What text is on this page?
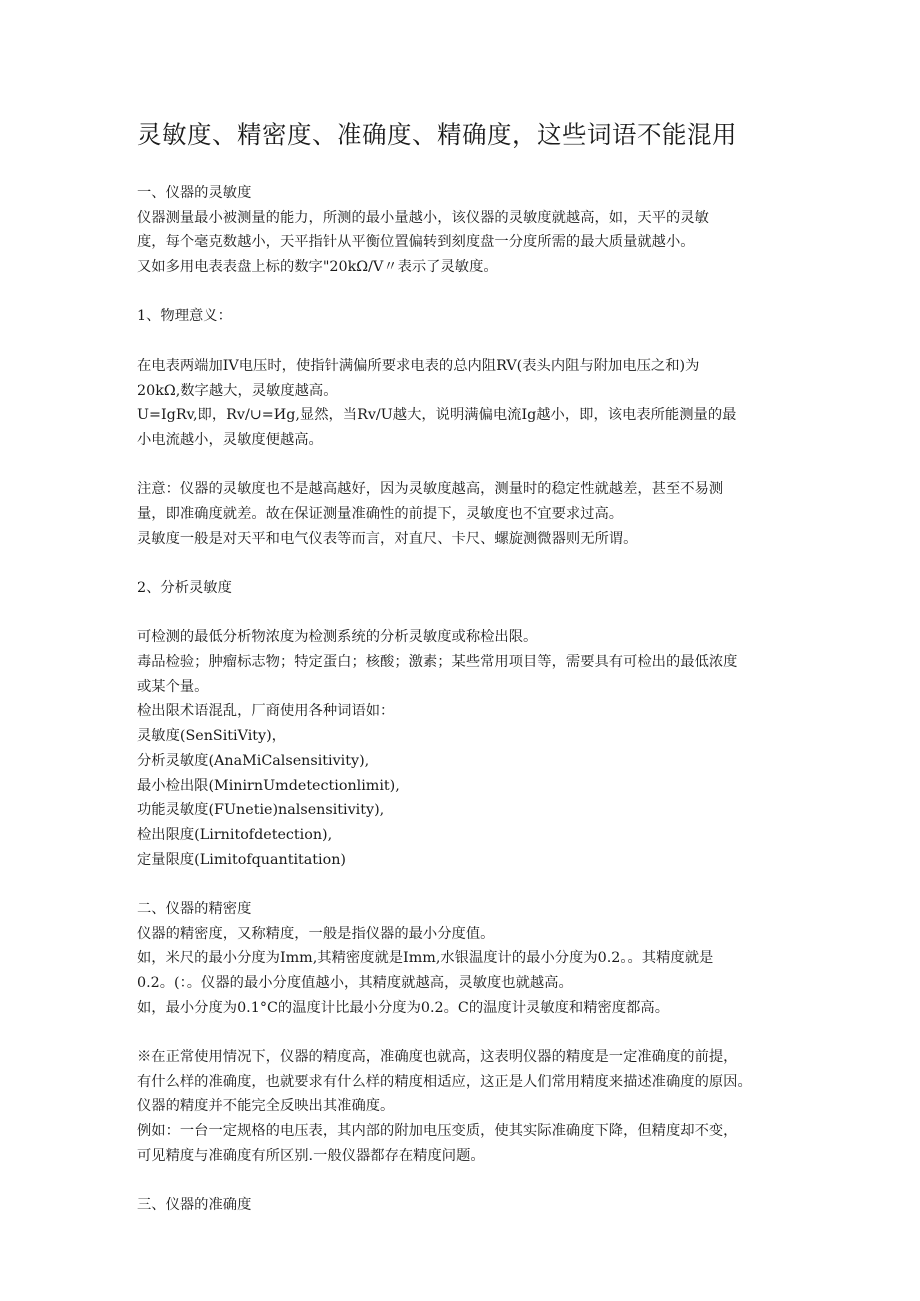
灵敏度、精密度、准确度、精确度，这些词语不能混用
一、仪器的灵敏度
仪器测量最小被测量的能力，所测的最小量越小，该仪器的灵敏度就越高，如，天平的灵敏
度，每个毫克数越小，天平指针从平衡位置偏转到刻度盘一分度所需的最大质量就越小。
又如多用电表表盘上标的数字"20kΩ/V〃表示了灵敏度。
1、物理意义：
在电表两端加IV电压时，使指针满偏所要求电表的总内阻RV(表头内阻与附加电压之和)为
20kΩ,数字越大，灵敏度越高。
U=IgRv,即，Rv/∪=Иg,显然，当Rv/U越大，说明满偏电流Ig越小，即，该电表所能测量的最
小电流越小，灵敏度便越高。
注意：仪器的灵敏度也不是越高越好，因为灵敏度越高，测量时的稳定性就越差，甚至不易测
量，即准确度就差。故在保证测量准确性的前提下，灵敏度也不宜要求过高。
灵敏度一般是对天平和电气仪表等而言，对直尺、卡尺、螺旋测微器则无所谓。
2、分析灵敏度
可检测的最低分析物浓度为检测系统的分析灵敏度或称检出限。
毒品检验；肿瘤标志物；特定蛋白；核酸；激素；某些常用项目等，需要具有可检出的最低浓度
或某个量。
检出限术语混乱，厂商使用各种词语如：
灵敏度(SenSitiVity)，
分析灵敏度(AnaMiCalsensitivity),
最小检出限(MinirnUmdetectionlimit),
功能灵敏度(FUnetie)nalsensitivity),
检出限度(Lirnitofdetection),
定量限度(Limitofquantitation)
二、仪器的精密度
仪器的精密度，又称精度，一般是指仪器的最小分度值。
如，米尺的最小分度为Imm,其精密度就是Imm,水银温度计的最小分度为0.2。。其精度就是
0.2。(：。仪器的最小分度值越小，其精度就越高，灵敏度也就越高。
如，最小分度为0.1°C的温度计比最小分度为0.2。C的温度计灵敏度和精密度都高。
※在正常使用情况下，仪器的精度高，准确度也就高，这表明仪器的精度是一定准确度的前提，
有什么样的准确度，也就要求有什么样的精度相适应，这正是人们常用精度来描述准确度的原因。
仪器的精度并不能完全反映出其准确度。
例如：一台一定规格的电压表，其内部的附加电压变质，使其实际准确度下降，但精度却不变，
可见精度与准确度有所区别.一般仪器都存在精度问题。
三、仪器的准确度
